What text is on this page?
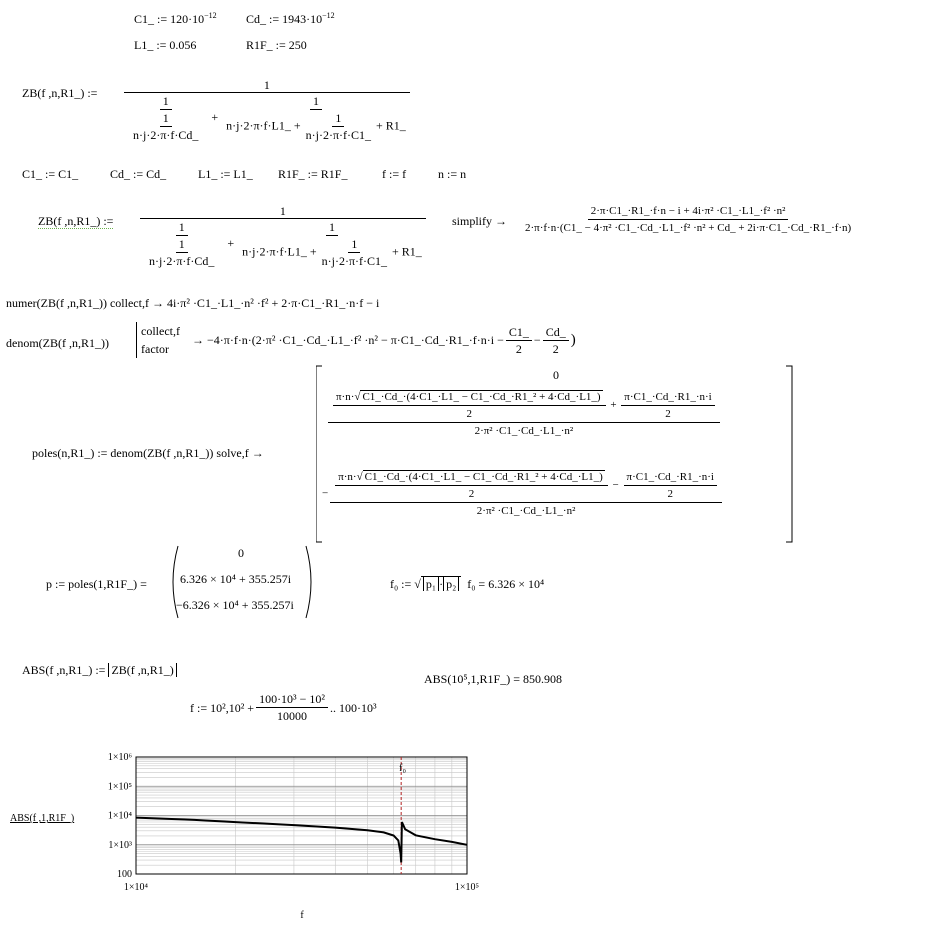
C1_ := $120\cdot 10^{-12}$ Cd_ := $1943\cdot 10^{-12}$
L1_ := 0.056	R1F_ := 250
ZB(f ,n,R1_) :=
1
$\frac{1}{\frac{1}{n\cdot j\cdot 2\cdot\pi\cdot f\cdot Cd\_}} + \frac{1}{n\cdot j\cdot 2\cdot\pi\cdot f\cdot L1\_ + \frac{1}{n\cdot j\cdot 2\cdot\pi\cdot f\cdot C1\_} + R1\_}$
C1_ := C1_	Cd_ := Cd_	L1_ := L1_ R1F_ := R1F_	f := f	n := n
ZB(f ,n,R1_) :=
1
$\frac{1}{\frac{1}{n\cdot j\cdot 2\cdot\pi\cdot f\cdot Cd\_}} + \frac{1}{n\cdot j\cdot 2\cdot\pi\cdot f\cdot L1\_ + \frac{1}{n\cdot j\cdot 2\cdot\pi\cdot f\cdot C1\_} + R1\_}$ simplify →
2·π·C1_·R1_·f·n − i + 4i·π² ·C1_·L1_·f² ·n²
2·π·f·n·(C1_ − 4·π² ·C1_·Cd_·L1_·f² ·n² + Cd_ + 2i·π·C1_·Cd_·R1_·f·n)
numer(ZB(f ,n,R1_)) collect,f → 4i·π² ·C1_·L1_·n² ·f² + 2·π·C1_·R1_·n·f − i
denom(ZB(f ,n,R1_))
collect,f
factor
→
−4·π·f·n·(2·π² ·C1_·Cd_·L1_·f² ·n² − π·C1_·Cd_·R1_·f·n·i − $\frac{C1\_}{2} - \frac{Cd\_}{2}$ )
poles(n,R1_) := denom(ZB(f ,n,R1_)) solve,f →
0
$\frac{\text{π·n·√ C1\_·Cd\_·(4·C1\_·L1\_ − C1\_·Cd\_·R1\_² + 4·Cd\_·L1\_)}}{2} + \frac{\pi\cdot C1\_\cdot Cd\_\cdot R1\_\cdot n\cdot i}{2}$
2·π² ·C1_·Cd_·L1_·n²
− $\frac{\text{π·n·√ C1\_·Cd\_·(4·C1\_·L1\_ − C1\_·Cd\_·R1\_² + 4·Cd\_·L1\_)}}{2} - \frac{\pi\cdot C1\_\cdot Cd\_\cdot R1\_\cdot n\cdot i}{2}$
2·π² ·C1_·Cd_·L1_·n²
p := poles(1,R1F_) =
0
6.326 × 10⁴ + 355.257i
−6.326 × 10⁴ + 355.257i
f₀ := √ p₁ · p₂ f₀ = 6.326 × 10⁴
ABS(f ,n,R1_) := ZB(f ,n,R1_)
ABS(10⁵,1,R1F_) = 850.908
f := $10^2,10^2 + \frac{\text{100·10³ − 10²}}{10000}$ .. 100·10³
100
1×10³
1×10⁴
1×10⁵
1×10⁶
1×10⁴	1×10⁵
ABS(f ,1,R1F_)
f
f₀
